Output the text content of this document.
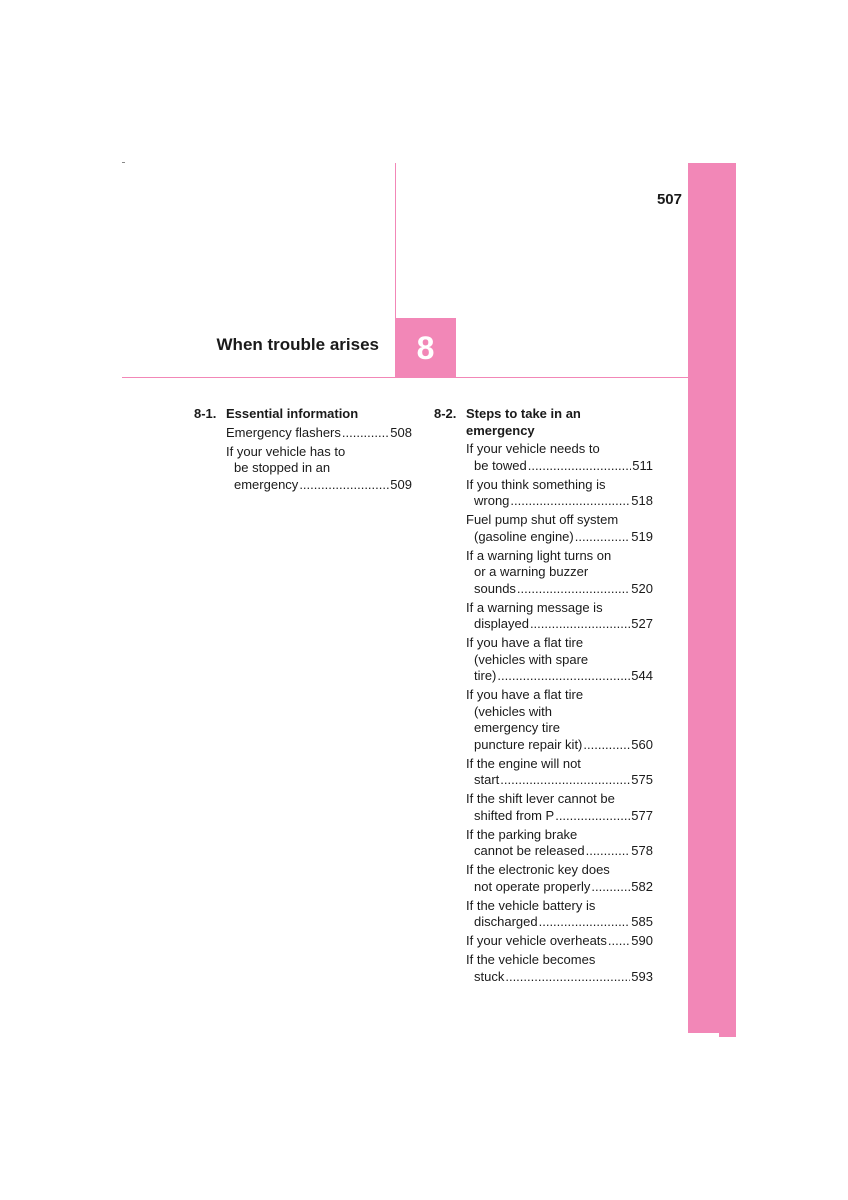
507
When trouble arises	8
8-1. Essential information
Emergency flashers .....	508
If your vehicle has to
be stopped in an
emergency .....	509
8-2. Steps to take in an emergency
If your vehicle needs to
be towed .....	511
If you think something is
wrong .....	518
Fuel pump shut off system
(gasoline engine) .....	519
If a warning light turns on
or a warning buzzer
sounds .....	520
If a warning message is
displayed .....	527
If you have a flat tire
(vehicles with spare
tire) .....	544
If you have a flat tire
(vehicles with
emergency tire
puncture repair kit) .....	560
If the engine will not
start .....	575
If the shift lever cannot be
shifted from P .....	577
If the parking brake
cannot be released .....	578
If the electronic key does
not operate properly .....	582
If the vehicle battery is
discharged .....	585
If your vehicle overheats ..... 590
If the vehicle becomes
stuck .....	593
